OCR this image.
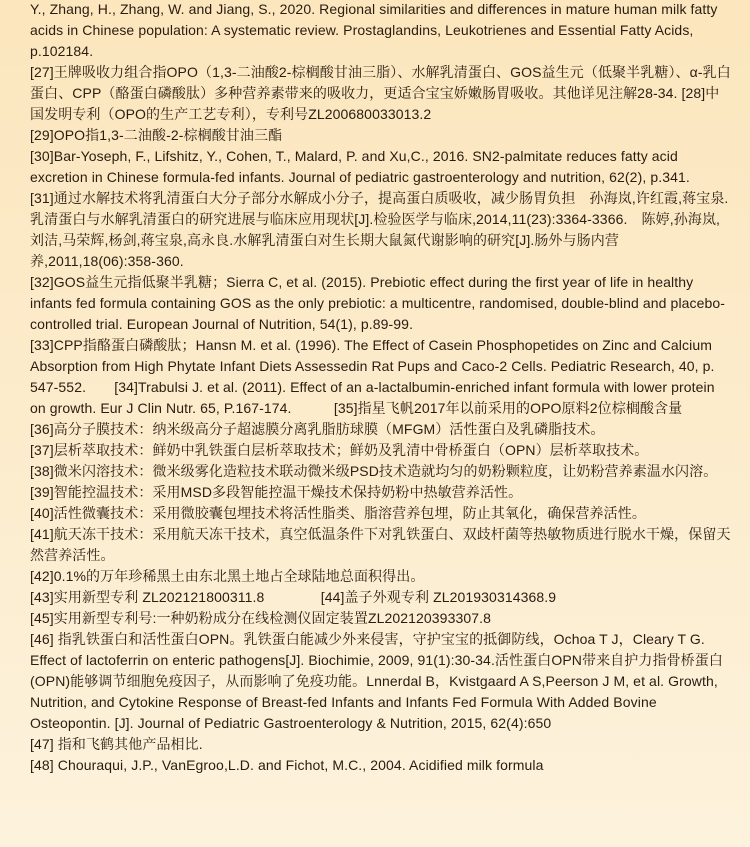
Y., Zhang, H., Zhang, W. and Jiang, S., 2020. Regional similarities and differences in mature human milk fatty acids in Chinese population: A systematic review. Prostaglandins, Leukotrienes and Essential Fatty Acids, p.102184.

[27]王牌吸收力组合指OPO（1,3-二油酸2-棕榈酸甘油三脂）、水解乳清蛋白、GOS益生元（低聚半乳糖）、α-乳白蛋白、CPP（酪蛋白磷酸肽）多种营养素带来的吸收力，更适合宝宝娇嫩肠胃吸收。其他详见注解28-34. [28]中国发明专利（OPO的生产工艺专利），专利号ZL200680033013.2

[29]OPO指1,3-二油酸-2-棕榈酸甘油三酯

[30]Bar-Yoseph, F., Lifshitz, Y., Cohen, T., Malard, P. and Xu,C., 2016. SN2-palmitate reduces fatty acid excretion in Chinese formula-fed infants. Journal of pediatric gastroenterology and nutrition, 62(2), p.341.

[31]通过水解技术将乳清蛋白大分子部分水解成小分子，提高蛋白质吸收，减少肠胃负担　孙海岚,许红霞,蒋宝泉.乳清蛋白与水解乳清蛋白的研究进展与临床应用现状[J].检验医学与临床,2014,11(23):3364-3366.　陈婷,孙海岚,刘洁,马荣辉,杨剑,蒋宝泉,高永良.水解乳清蛋白对生长期大鼠氮代谢影响的研究[J].肠外与肠内营养,2011,18(06):358-360.

[32]GOS益生元指低聚半乳糖；Sierra C, et al. (2015). Prebiotic effect during the first year of life in healthy infants fed formula containing GOS as the only prebiotic: a multicentre, randomised, double-blind and placebo-controlled trial. European Journal of Nutrition, 54(1), p.89-99.

[33]CPP指酪蛋白磷酸肽；Hansn M. et al. (1996). The Effect of Casein Phosphopetides on Zinc and Calcium Absorption from High Phytate Infant Diets Assessedin Rat Pups and Caco-2 Cells. Pediatric Research, 40, p. 547-552.　　[34]Trabulsi J. et al. (2011). Effect of an a-lactalbumin-enriched infant formula with lower protein on growth. Eur J Clin Nutr. 65, P.167-174.　　　[35]指星飞帆2017年以前采用的OPO原料2位棕榈酸含量

[36]高分子膜技术：纳米级高分子超滤膜分离乳脂肪球膜（MFGM）活性蛋白及乳磷脂技术。

[37]层析萃取技术：鲜奶中乳铁蛋白层析萃取技术；鲜奶及乳清中骨桥蛋白（OPN）层析萃取技术。

[38]微米闪溶技术：微米级雾化造粒技术联动微米级PSD技术造就均匀的奶粉颗粒度，让奶粉营养素温水闪溶。

[39]智能控温技术：采用MSD多段智能控温干燥技术保持奶粉中热敏营养活性。

[40]活性微囊技术：采用微胶囊包埋技术将活性脂类、脂溶营养包埋，防止其氧化，确保营养活性。

[41]航天冻干技术：采用航天冻干技术，真空低温条件下对乳铁蛋白、双歧杆菌等热敏物质进行脱水干燥，保留天然营养活性。

[42]0.1%的万年珍稀黑土由东北黑土地占全球陆地总面积得出。

[43]实用新型专利 ZL202121800311.8　　　　[44]盖子外观专利 ZL201930314368.9

[45]实用新型专利号:一种奶粉成分在线检测仪固定装置ZL202120393307.8

[46] 指乳铁蛋白和活性蛋白OPN。乳铁蛋白能减少外来侵害，守护宝宝的抵御防线，Ochoa T J，Cleary T G. Effect of lactoferrin on enteric pathogens[J]. Biochimie, 2009, 91(1):30-34.活性蛋白OPN带来自护力指骨桥蛋白(OPN)能够调节细胞免疫因子，从而影响了免疫功能。Lnnerdal B，Kvistgaard A S,Peerson J M, et al. Growth, Nutrition, and Cytokine Response of Breast-fed Infants and Infants Fed Formula With Added Bovine Osteopontin. [J]. Journal of Pediatric Gastroenterology & Nutrition, 2015, 62(4):650

[47] 指和飞鹤其他产品相比.

[48] Chouraqui, J.P., VanEgroo,L.D. and Fichot, M.C., 2004. Acidified milk formula
